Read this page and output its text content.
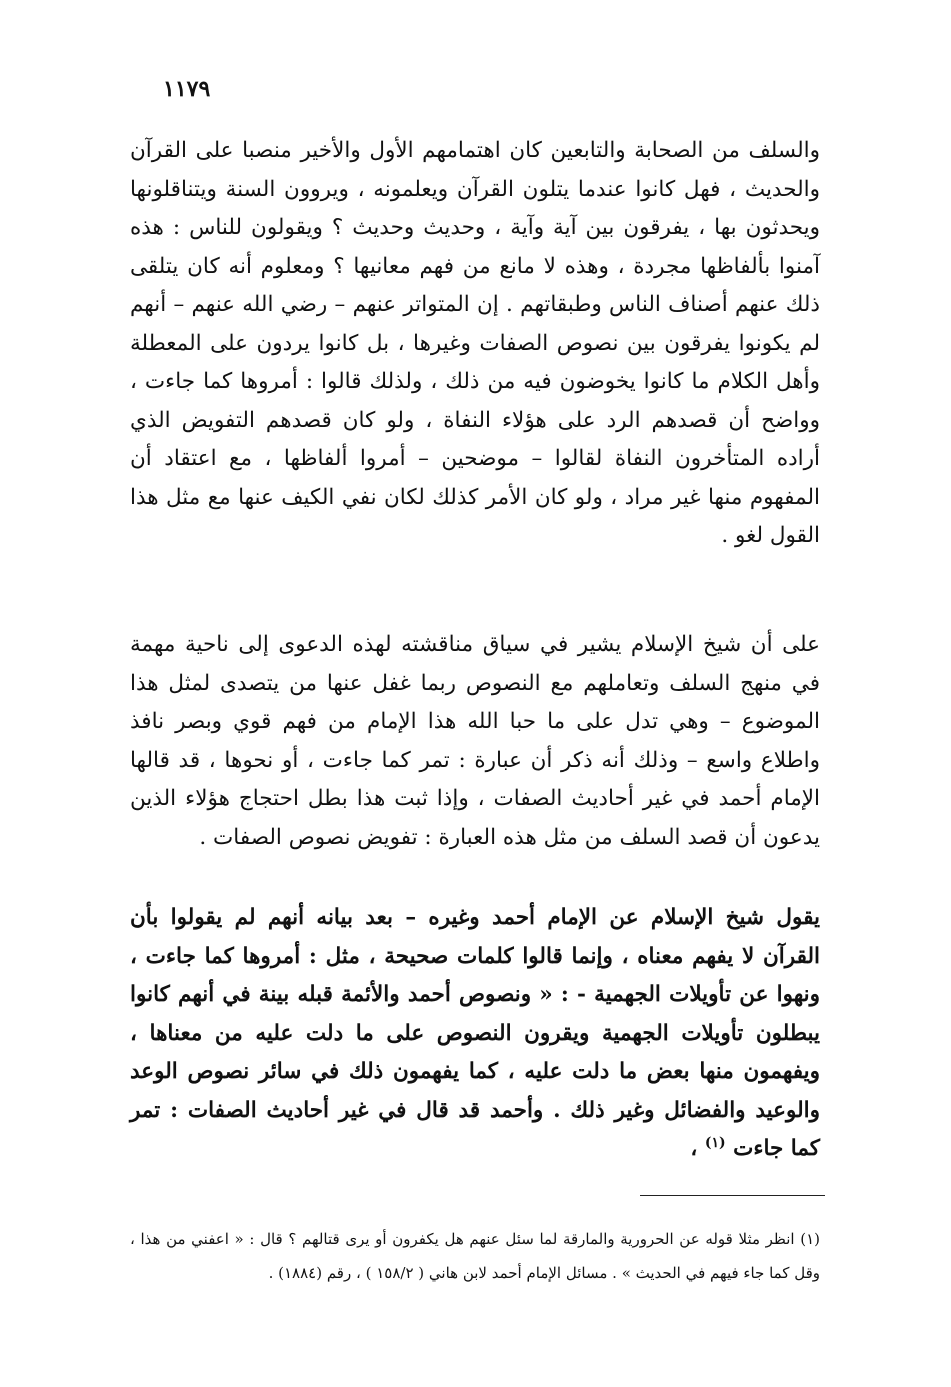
١١٧٩

والسلف من الصحابة والتابعين كان اهتمامهم الأول والأخير منصبا على القرآن والحديث ، فهل كانوا عندما يتلون القرآن ويعلمونه ، ويروون السنة ويتناقلونها ويحدثون بها ، يفرقون بين آية وآية ، وحديث وحديث ؟ ويقولون للناس : هذه آمنوا بألفاظها مجردة ، وهذه لا مانع من فهم معانيها ؟ ومعلوم أنه كان يتلقى ذلك عنهم أصناف الناس وطبقاتهم . إن المتواتر عنهم – رضي الله عنهم – أنهم لم يكونوا يفرقون بين نصوص الصفات وغيرها ، بل كانوا يردون على المعطلة وأهل الكلام ما كانوا يخوضون فيه من ذلك ، ولذلك قالوا : أمروها كما جاءت ، وواضح أن قصدهم الرد على هؤلاء النفاة ، ولو كان قصدهم التفويض الذي أراده المتأخرون النفاة لقالوا – موضحين – أمروا ألفاظها ، مع اعتقاد أن المفهوم منها غير مراد ، ولو كان الأمر كذلك لكان نفي الكيف عنها مع مثل هذا القول لغو .

على أن شيخ الإسلام يشير في سياق مناقشته لهذه الدعوى إلى ناحية مهمة في منهج السلف وتعاملهم مع النصوص ربما غفل عنها من يتصدى لمثل هذا الموضوع – وهي تدل على ما حبا الله هذا الإمام من فهم قوي وبصر نافذ واطلاع واسع – وذلك أنه ذكر أن عبارة : تمر كما جاءت ، أو نحوها ، قد قالها الإمام أحمد في غير أحاديث الصفات ، وإذا ثبت هذا بطل احتجاج هؤلاء الذين يدعون أن قصد السلف من مثل هذه العبارة : تفويض نصوص الصفات .

يقول شيخ الإسلام عن الإمام أحمد وغيره – بعد بيانه أنهم لم يقولوا بأن القرآن لا يفهم معناه ، وإنما قالوا كلمات صحيحة ، مثل : أمروها كما جاءت ، ونهوا عن تأويلات الجهمية - : « ونصوص أحمد والأئمة قبله بينة في أنهم كانوا يبطلون تأويلات الجهمية ويقرون النصوص على ما دلت عليه من معناها ، ويفهمون منها بعض ما دلت عليه ، كما يفهمون ذلك في سائر نصوص الوعد والوعيد والفضائل وغير ذلك . وأحمد قد قال في غير أحاديث الصفات : تمر كما جاءت $^{(١)}$ ،

(١) انظر مثلا قوله عن الحرورية والمارقة لما سئل عنهم هل يكفرون أو يرى قتالهم ؟ قال : « اعفني من هذا ، وقل كما جاء فيهم في الحديث » . مسائل الإمام أحمد لابن هاني ( ١٥٨/٢ ) ، رقم (١٨٨٤) .
